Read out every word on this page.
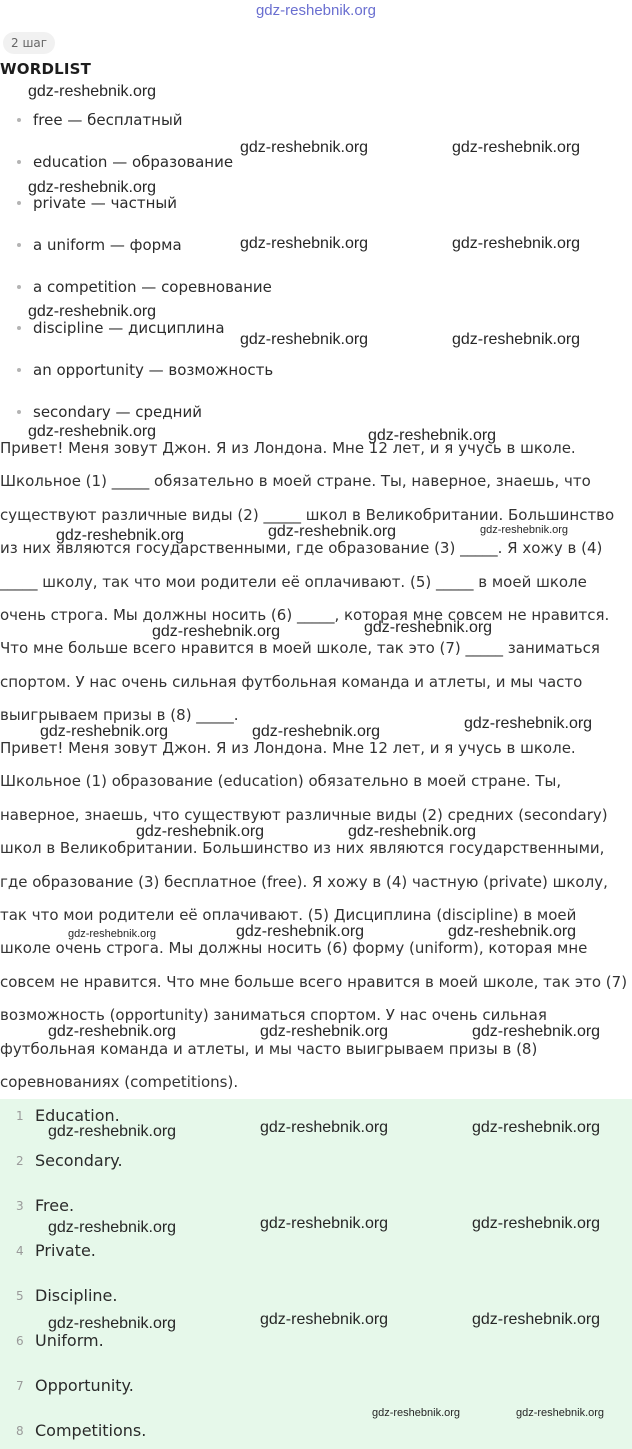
gdz-reshebnik.org
2 шаг
WORDLIST
free — бесплатный
education — образование
private — частный
a uniform — форма
a competition — соревнование
discipline — дисциплина
an opportunity — возможность
secondary — средний

Привет! Меня зовут Джон. Я из Лондона. Мне 12 лет, и я учусь в школе. Школьное (1) _____ обязательно в моей стране. Ты, наверное, знаешь, что существуют различные виды (2) _____ школ в Великобритании. Большинство из них являются государственными, где образование (3) _____. Я хожу в (4) _____ школу, так что мои родители её оплачивают. (5) _____ в моей школе очень строга. Мы должны носить (6) _____, которая мне совсем не нравится. Что мне больше всего нравится в моей школе, так это (7) _____ заниматься спортом. У нас очень сильная футбольная команда и атлеты, и мы часто выигрываем призы в (8) _____.

Привет! Меня зовут Джон. Я из Лондона. Мне 12 лет, и я учусь в школе. Школьное (1) образование (education) обязательно в моей стране. Ты, наверное, знаешь, что существуют различные виды (2) средних (secondary) школ в Великобритании. Большинство из них являются государственными, где образование (3) бесплатное (free). Я хожу в (4) частную (private) школу, так что мои родители её оплачивают. (5) Дисциплина (discipline) в моей школе очень строга. Мы должны носить (6) форму (uniform), которая мне совсем не нравится. Что мне больше всего нравится в моей школе, так это (7) возможность (opportunity) заниматься спортом. У нас очень сильная футбольная команда и атлеты, и мы часто выигрываем призы в (8) соревнованиях (competitions).

1 Education.
2 Secondary.
3 Free.
4 Private.
5 Discipline.
6 Uniform.
7 Opportunity.
8 Competitions.
gdz-reshebnik.org
gdz-reshebnik.org	gdz-reshebnik.org
gdz-reshebnik.org
gdz-reshebnik.org	gdz-reshebnik.org
gdz-reshebnik.org
gdz-reshebnik.org	gdz-reshebnik.org
gdz-reshebnik.org	gdz-reshebnik.org
gdz-reshebnik.org	gdz-reshebnik.org	gdz-reshebnik.org
gdz-reshebnik.org	gdz-reshebnik.org
gdz-reshebnik.org	gdz-reshebnik.org	gdz-reshebnik.org
gdz-reshebnik.org	gdz-reshebnik.org
gdz-reshebnik.org	gdz-reshebnik.org	gdz-reshebnik.org
gdz-reshebnik.org	gdz-reshebnik.org	gdz-reshebnik.org
gdz-reshebnik.org	gdz-reshebnik.org	gdz-reshebnik.org
gdz-reshebnik.org	gdz-reshebnik.org	gdz-reshebnik.org
gdz-reshebnik.org	gdz-reshebnik.org	gdz-reshebnik.org
gdz-reshebnik.org	gdz-reshebnik.org
